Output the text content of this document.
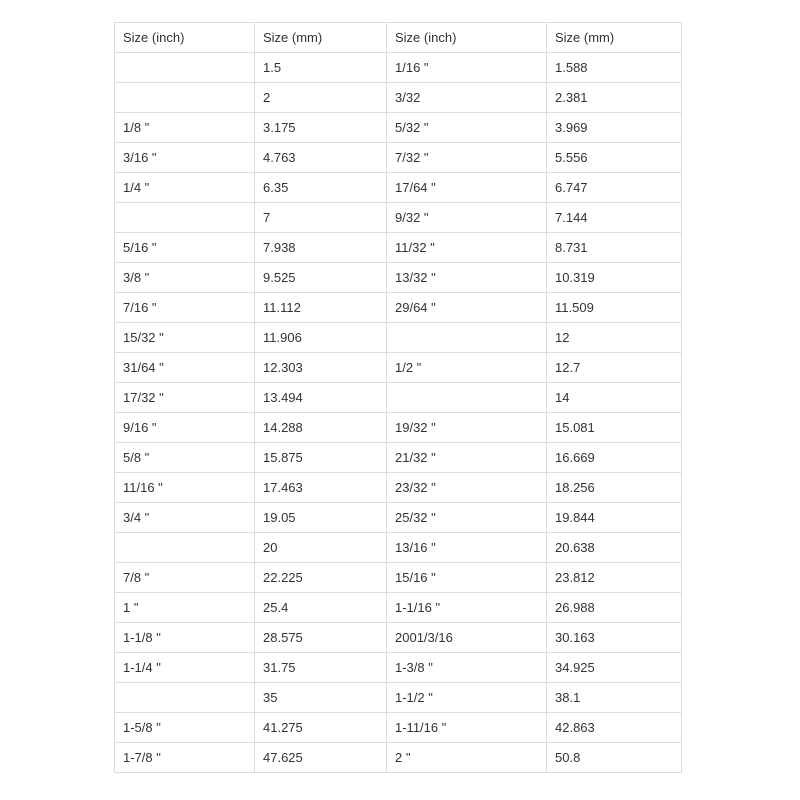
Size (inch)	Size (mm)	Size (inch)	Size (mm)
	1.5	1/16 "	1.588
	2	3/32	2.381
1/8 "	3.175	5/32 "	3.969
3/16 "	4.763	7/32 "	5.556
1/4 "	6.35	17/64 "	6.747
	7	9/32 "	7.144
5/16 "	7.938	11/32 "	8.731
3/8 "	9.525	13/32 "	10.319
7/16 "	11.112	29/64 "	11.509
15/32 "	11.906		12
31/64 "	12.303	1/2 "	12.7
17/32 "	13.494		14
9/16 "	14.288	19/32 "	15.081
5/8 "	15.875	21/32 "	16.669
11/16 "	17.463	23/32 "	18.256
3/4 "	19.05	25/32 "	19.844
	20	13/16 "	20.638
7/8 "	22.225	15/16 "	23.812
1 "	25.4	1-1/16 "	26.988
1-1/8 "	28.575	2001/3/16	30.163
1-1/4 "	31.75	1-3/8 "	34.925
	35	1-1/2 "	38.1
1-5/8 "	41.275	1-11/16 "	42.863
1-7/8 "	47.625	2 "	50.8
